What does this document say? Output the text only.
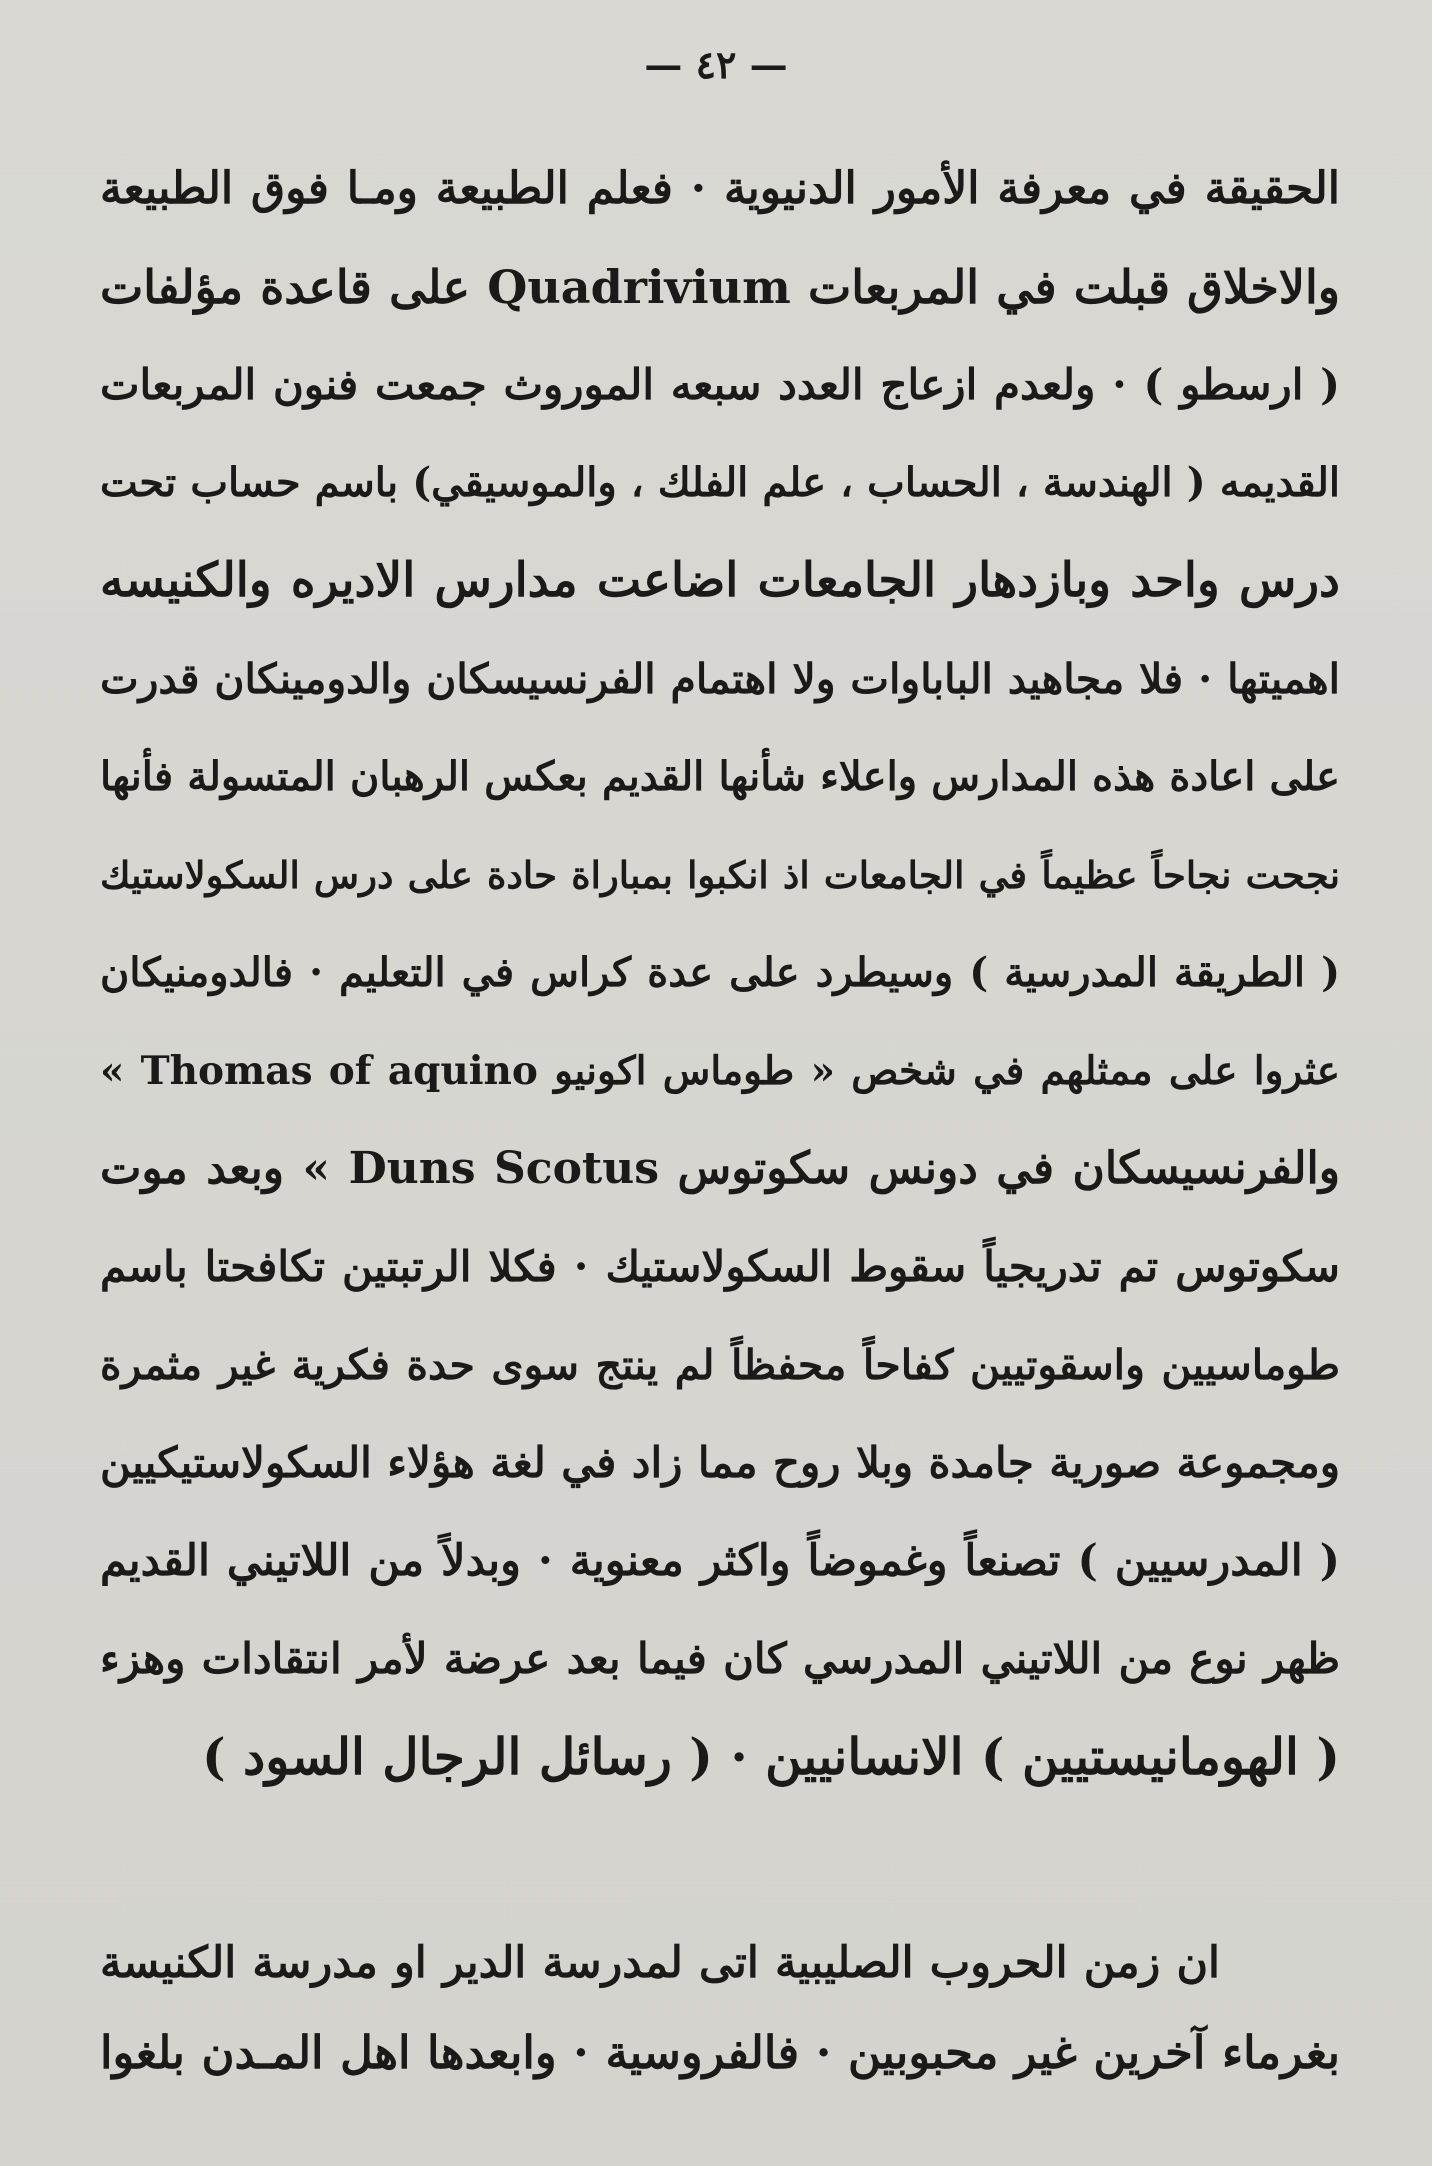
— ٤٢ —
الحقيقة في معرفة الأمور الدنيوية · فعلم الطبيعة ومـا فوق الطبيعة
والاخلاق قبلت في المربعات Quadrivium على قاعدة مؤلفات
( ارسطو ) · ولعدم ازعاج العدد سبعه الموروث جمعت فنون المربعات
القديمه ( الهندسة ، الحساب ، علم الفلك ، والموسيقي) باسم حساب تحت
درس واحد وبازدهار الجامعات اضاعت مدارس الاديره والكنيسه
اهميتها · فلا مجاهيد الباباوات ولا اهتمام الفرنسيسكان والدومينكان قدرت
على اعادة هذه المدارس واعلاء شأنها القديم بعكس الرهبان المتسولة فأنها
نجحت نجاحاً عظيماً في الجامعات اذ انكبوا بمباراة حادة على درس السكولاستيك
( الطريقة المدرسية ) وسيطرد على عدة كراس في التعليم · فالدومنيكان
عثروا على ممثلهم في شخص « طوماس اكونيو Thomas of aquino »
والفرنسيسكان في دونس سكوتوس Duns Scotus » وبعد موت
سكوتوس تم تدريجياً سقوط السكولاستيك · فكلا الرتبتين تكافحتا باسم
طوماسيين واسقوتيين كفاحاً محفظاً لم ينتج سوى حدة فكرية غير مثمرة
ومجموعة صورية جامدة وبلا روح مما زاد في لغة هؤلاء السكولاستيكيين
( المدرسيين ) تصنعاً وغموضاً واكثر معنوية · وبدلاً من اللاتيني القديم
ظهر نوع من اللاتيني المدرسي كان فيما بعد عرضة لأمر انتقادات وهزء
( الهومانيستيين ) الانسانيين · ( رسائل الرجال السود )
ان زمن الحروب الصليبية اتى لمدرسة الدير او مدرسة الكنيسة
بغرماء آخرين غير محبوبين · فالفروسية · وابعدها اهل المـدن بلغوا
